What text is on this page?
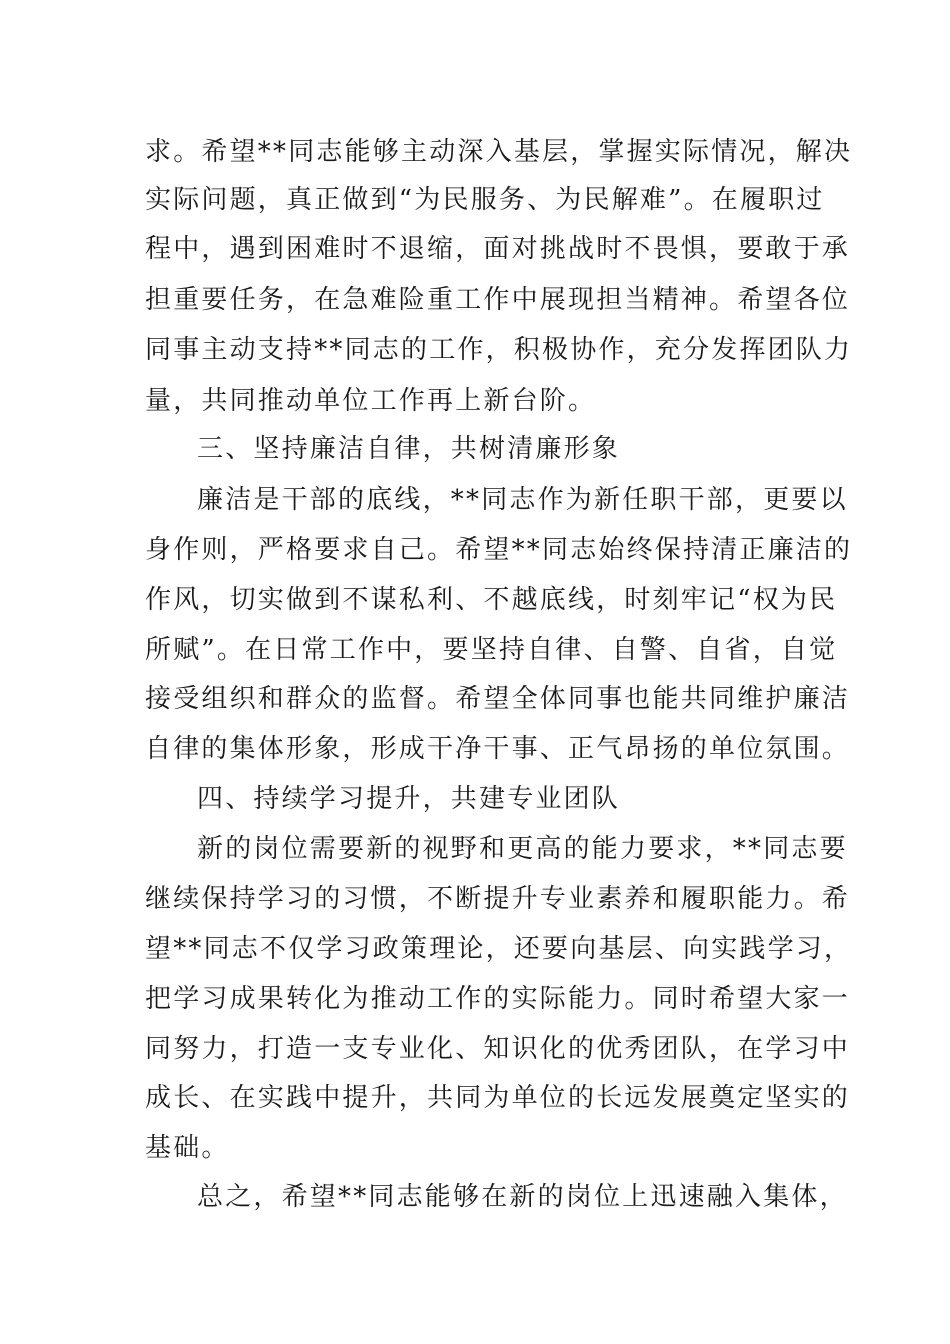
求。希望**同志能够主动深入基层，掌握实际情况，解决
实际问题，真正做到“为民服务、为民解难”。在履职过
程中，遇到困难时不退缩，面对挑战时不畏惧，要敢于承
担重要任务，在急难险重工作中展现担当精神。希望各位
同事主动支持**同志的工作，积极协作，充分发挥团队力
量，共同推动单位工作再上新台阶。
三、坚持廉洁自律，共树清廉形象
廉洁是干部的底线，**同志作为新任职干部，更要以
身作则，严格要求自己。希望**同志始终保持清正廉洁的
作风，切实做到不谋私利、不越底线，时刻牢记“权为民
所赋”。在日常工作中，要坚持自律、自警、自省，自觉
接受组织和群众的监督。希望全体同事也能共同维护廉洁
自律的集体形象，形成干净干事、正气昂扬的单位氛围。
四、持续学习提升，共建专业团队
新的岗位需要新的视野和更高的能力要求，**同志要
继续保持学习的习惯，不断提升专业素养和履职能力。希
望**同志不仅学习政策理论，还要向基层、向实践学习，
把学习成果转化为推动工作的实际能力。同时希望大家一
同努力，打造一支专业化、知识化的优秀团队，在学习中
成长、在实践中提升，共同为单位的长远发展奠定坚实的
基础。
总之，希望**同志能够在新的岗位上迅速融入集体，
